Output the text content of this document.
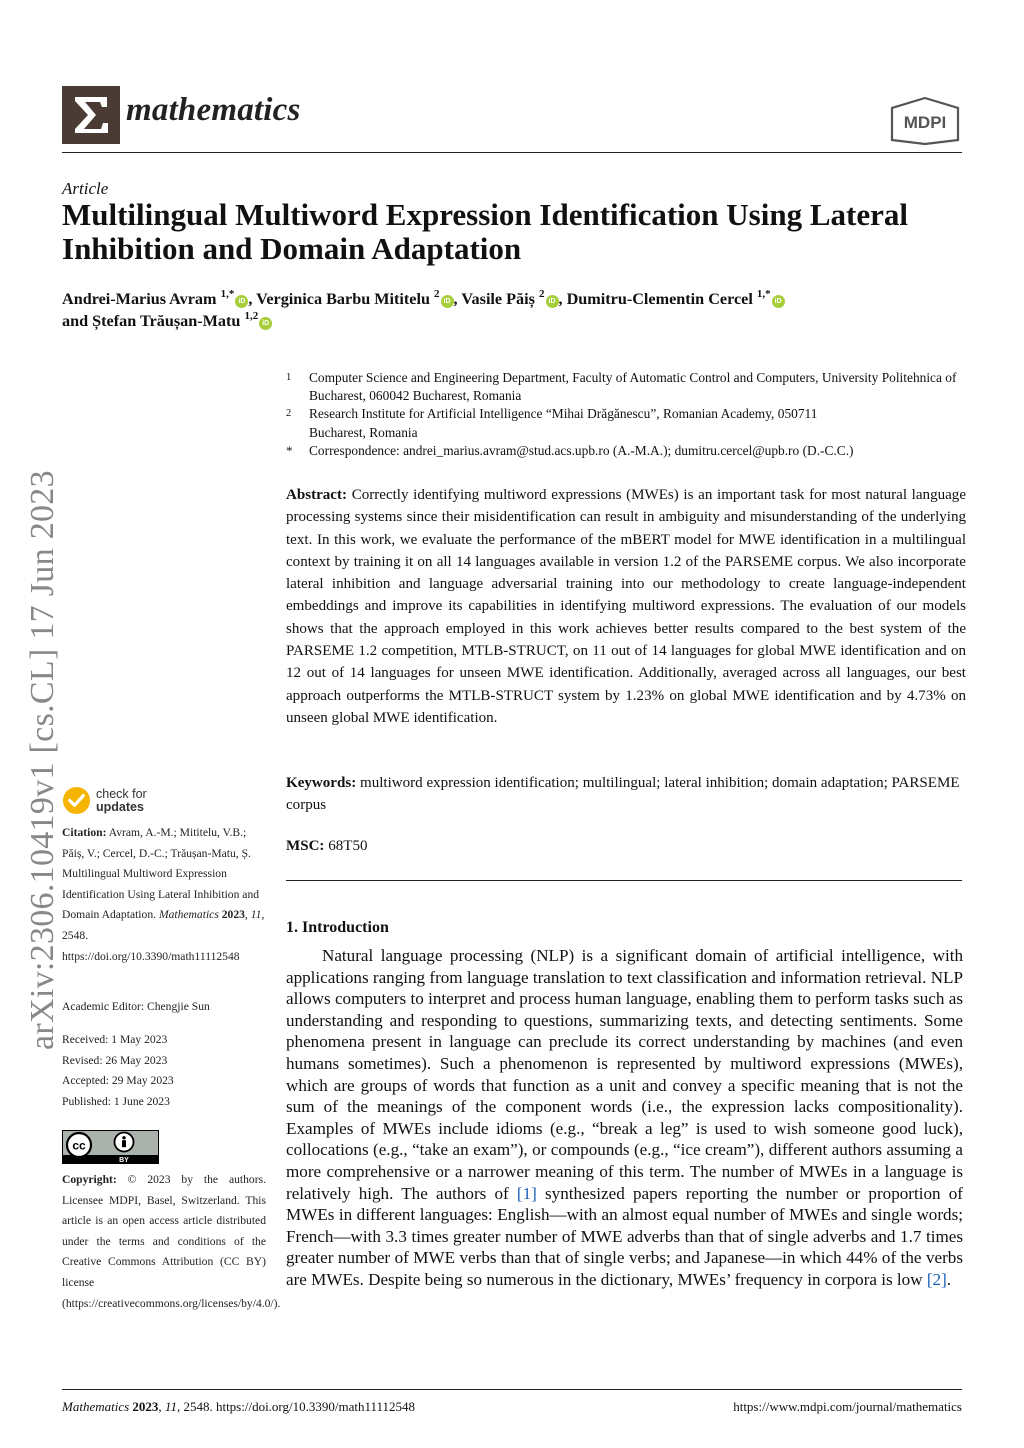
mathematics	MDPI
Article
Multilingual Multiword Expression Identification Using Lateral Inhibition and Domain Adaptation
Andrei-Marius Avram $^{1,*}$iD , Verginica Barbu Mititelu $^2$iD , Vasile Păiș $^2$iD , Dumitru-Clementin Cercel $^{1,*}$iD
and Ștefan Trăușan-Matu $^{1,2}$iD
1	Computer Science and Engineering Department, Faculty of Automatic Control and Computers, University Politehnica of Bucharest, 060042 Bucharest, Romania
2	Research Institute for Artificial Intelligence “Mihai Drăgănescu”, Romanian Academy, 050711 Bucharest, Romania
*	Correspondence: andrei_marius.avram@stud.acs.upb.ro (A.-M.A.); dumitru.cercel@upb.ro (D.-C.C.)
Abstract: Correctly identifying multiword expressions (MWEs) is an important task for most natural language processing systems since their misidentification can result in ambiguity and misunderstanding of the underlying text. In this work, we evaluate the performance of the mBERT model for MWE identification in a multilingual context by training it on all 14 languages available in version 1.2 of the PARSEME corpus. We also incorporate lateral inhibition and language adversarial training into our methodology to create language-independent embeddings and improve its capabilities in identifying multiword expressions. The evaluation of our models shows that the approach employed in this work achieves better results compared to the best system of the PARSEME 1.2 competition, MTLB-STRUCT, on 11 out of 14 languages for global MWE identification and on 12 out of 14 languages for unseen MWE identification. Additionally, averaged across all languages, our best approach outperforms the MTLB-STRUCT system by 1.23% on global MWE identification and by 4.73% on unseen global MWE identification.
Keywords: multiword expression identification; multilingual; lateral inhibition; domain adaptation; PARSEME corpus
MSC: 68T50
1. Introduction
Natural language processing (NLP) is a significant domain of artificial intelligence, with applications ranging from language translation to text classification and information retrieval. NLP allows computers to interpret and process human language, enabling them to perform tasks such as understanding and responding to questions, summarizing texts, and detecting sentiments. Some phenomena present in language can preclude its correct understanding by machines (and even humans sometimes). Such a phenomenon is represented by multiword expressions (MWEs), which are groups of words that function as a unit and convey a specific meaning that is not the sum of the meanings of the component words (i.e., the expression lacks compositionality). Examples of MWEs include idioms (e.g., “break a leg” is used to wish someone good luck), collocations (e.g., “take an exam”), or compounds (e.g., “ice cream”), different authors assuming a more comprehensive or a narrower meaning of this term. The number of MWEs in a language is relatively high. The authors of [1] synthesized papers reporting the number or proportion of MWEs in different languages: English—with an almost equal number of MWEs and single words; French—with 3.3 times greater number of MWE adverbs than that of single adverbs and 1.7 times greater number of MWE verbs than that of single verbs; and Japanese—in which 44% of the verbs are MWEs. Despite being so numerous in the dictionary, MWEs’ frequency in corpora is low [2].
arXiv:2306.10419v1 [cs.CL] 17 Jun 2023	check for
updates
Citation: Avram, A.-M.; Mititelu, V.B.; Păiș, V.; Cercel, D.-C.; Trăușan-Matu, Ș. Multilingual Multiword Expression Identification Using Lateral Inhibition and Domain Adaptation. Mathematics 2023, 11, 2548. https://doi.org/10.3390/math11112548
Academic Editor: Chengjie Sun
Received: 1 May 2023
Revised: 26 May 2023
Accepted: 29 May 2023
Published: 1 June 2023
cc
BY
Copyright: © 2023 by the authors. Licensee MDPI, Basel, Switzerland. This article is an open access article distributed under the terms and conditions of the Creative Commons Attribution (CC BY) license (https://creativecommons.org/licenses/by/4.0/).
Mathematics 2023, 11, 2548. https://doi.org/10.3390/math11112548	https://www.mdpi.com/journal/mathematics
